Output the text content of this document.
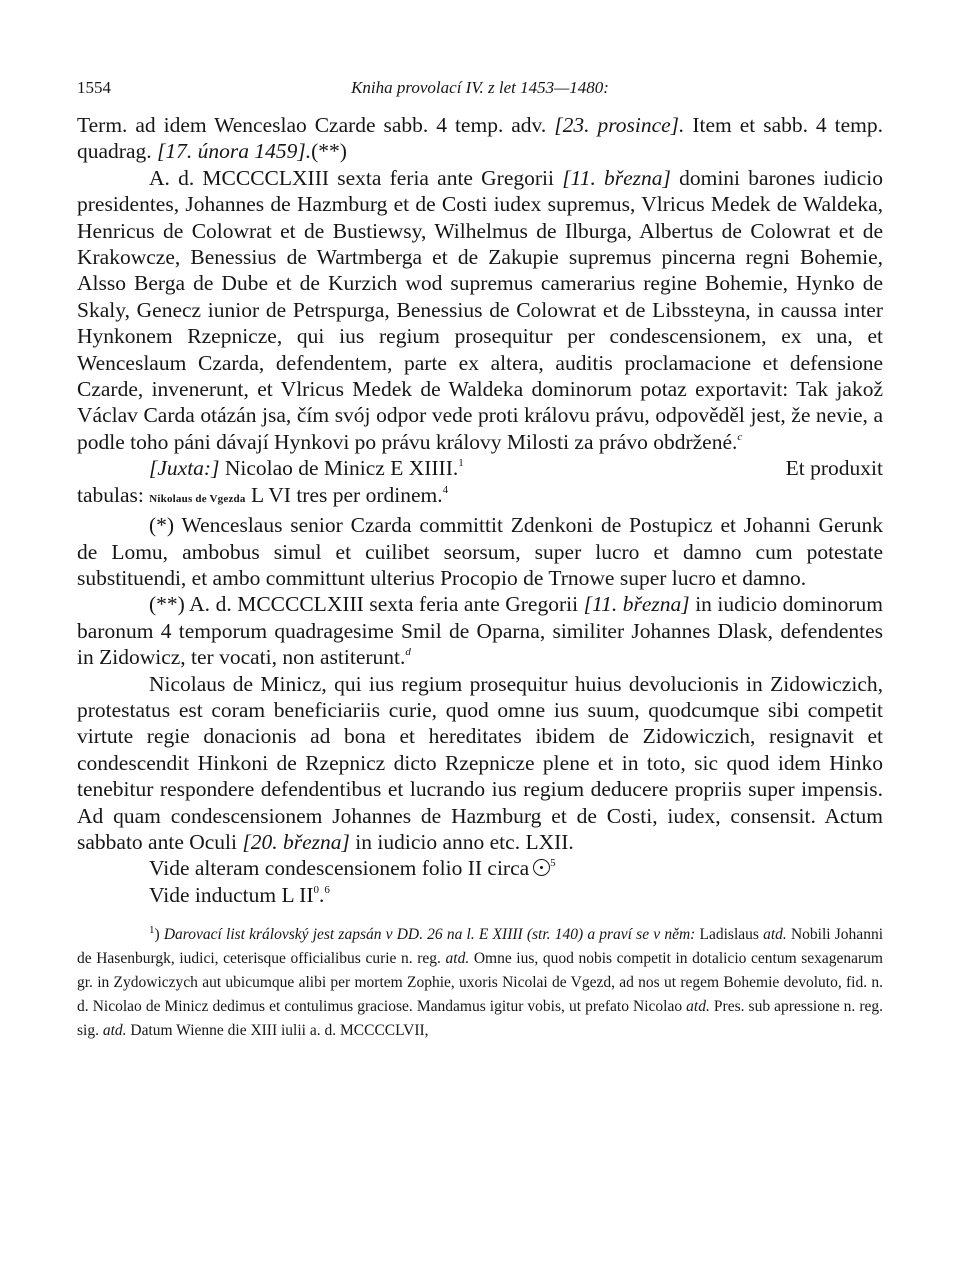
1554	Kniha provolací IV. z let 1453—1480:

Term. ad idem Wenceslao Czarde sabb. 4 temp. adv. [23. prosince]. Item et sabb. 4 temp. quadrag. [17. února 1459].(**)

A. d. MCCCCLXIII sexta feria ante Gregorii [11. března] domini barones iudicio presidentes, Johannes de Hazmburg et de Costi iudex supremus, Vlricus Medek de Waldeka, Henricus de Colowrat et de Bustiewsy, Wilhelmus de Ilburga, Albertus de Colowrat et de Krakowcze, Benessius de Wartmberga et de Zakupie supremus pincerna regni Bohemie, Alsso Berga de Dube et de Kurzich wod supremus camerarius regine Bohemie, Hynko de Skaly, Genecz iunior de Petrspurga, Benessius de Colowrat et de Libssteyna, in caussa inter Hynkonem Rzepnicze, qui ius regium prosequitur per condescensionem, ex una, et Wenceslaum Czarda, defendentem, parte ex altera, auditis proclamacione et defensione Czarde, invenerunt, et Vlricus Medek de Waldeka dominorum potaz exportavit: Tak jakož Václav Carda otázán jsa, čím svój odpor vede proti královu právu, odpověděl jest, že nevie, a podle toho páni dávají Hynkovi po právu královy Milosti za právo obdržené.$^c$

[Juxta:] Nicolao de Minicz E XIIII.$^1$	Et produxit

tabulas: Nikolaus de Vgezda L VI tres per ordinem.$^4$

(*) Wenceslaus senior Czarda committit Zdenkoni de Postupicz et Johanni Gerunk de Lomu, ambobus simul et cuilibet seorsum, super lucro et damno cum potestate substituendi, et ambo committunt ulterius Procopio de Trnowe super lucro et damno.

(**) A. d. MCCCCLXIII sexta feria ante Gregorii [11. března] in iudicio dominorum baronum 4 temporum quadragesime Smil de Oparna, similiter Johannes Dlask, defendentes in Zidowicz, ter vocati, non astiterunt.$^d$

Nicolaus de Minicz, qui ius regium prosequitur huius devolucionis in Zidowiczich, protestatus est coram beneficiariis curie, quod omne ius suum, quodcumque sibi competit virtute regie donacionis ad bona et hereditates ibidem de Zidowiczich, resignavit et condescendit Hinkoni de Rzepnicz dicto Rzepnicze plene et in toto, sic quod idem Hinko tenebitur respondere defendentibus et lucrando ius regium deducere propriis super impensis. Ad quam condescensionem Johannes de Hazmburg et de Costi, iudex, consensit. Actum sabbato ante Oculi [20. března] in iudicio anno etc. LXII.

Vide alteram condescensionem folio II circa $^5$

Vide inductum L $II^0.^6$

$^1$) Darovací list královský jest zapsán v DD. 26 na l. E XIIII (str. 140) a praví se v něm: Ladislaus atd. Nobili Johanni de Hasenburgk, iudici, ceterisque officialibus curie n. reg. atd. Omne ius, quod nobis competit in dotalicio centum sexagenarum gr. in Zydowiczych aut ubicumque alibi per mortem Zophie, uxoris Nicolai de Vgezd, ad nos ut regem Bohemie devoluto, fid. n. d. Nicolao de Minicz dedimus et contulimus graciose. Mandamus igitur vobis, ut prefato Nicolao atd. Pres. sub apressione n. reg. sig. atd. Datum Wienne die XIII iulii a. d. MCCCCLVII,
